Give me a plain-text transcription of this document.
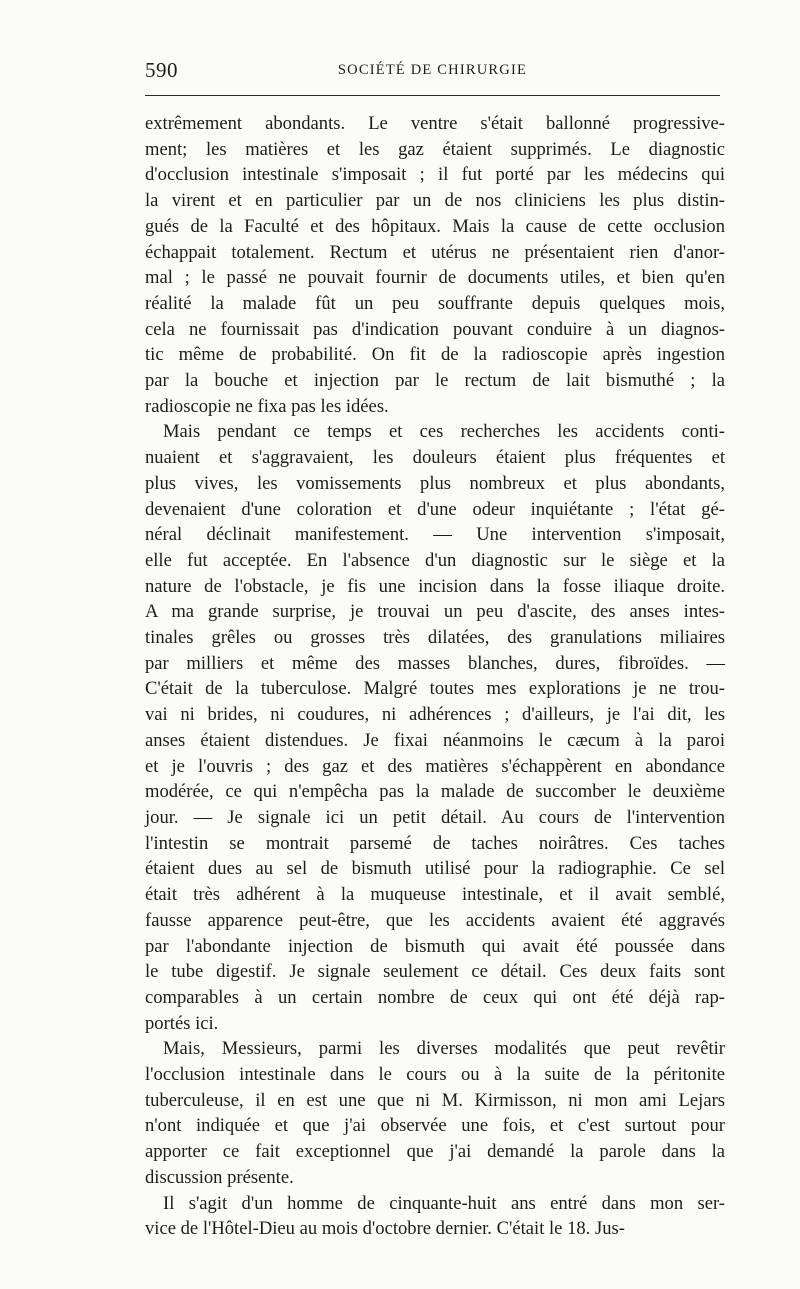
590	SOCIÉTÉ DE CHIRURGIE

extrêmement abondants. Le ventre s'était ballonné progressive-
ment; les matières et les gaz étaient supprimés. Le diagnostic
d'occlusion intestinale s'imposait ; il fut porté par les médecins qui
la virent et en particulier par un de nos cliniciens les plus distin-
gués de la Faculté et des hôpitaux. Mais la cause de cette occlusion
échappait totalement. Rectum et utérus ne présentaient rien d'anor-
mal ; le passé ne pouvait fournir de documents utiles, et bien qu'en
réalité la malade fût un peu souffrante depuis quelques mois,
cela ne fournissait pas d'indication pouvant conduire à un diagnos-
tic même de probabilité. On fit de la radioscopie après ingestion
par la bouche et injection par le rectum de lait bismuthé ; la
radioscopie ne fixa pas les idées.

Mais pendant ce temps et ces recherches les accidents conti-
nuaient et s'aggravaient, les douleurs étaient plus fréquentes et
plus vives, les vomissements plus nombreux et plus abondants,
devenaient d'une coloration et d'une odeur inquiétante ; l'état gé-
néral déclinait manifestement. — Une intervention s'imposait,
elle fut acceptée. En l'absence d'un diagnostic sur le siège et la
nature de l'obstacle, je fis une incision dans la fosse iliaque droite.
A ma grande surprise, je trouvai un peu d'ascite, des anses intes-
tinales grêles ou grosses très dilatées, des granulations miliaires
par milliers et même des masses blanches, dures, fibroïdes. —
C'était de la tuberculose. Malgré toutes mes explorations je ne trou-
vai ni brides, ni coudures, ni adhérences ; d'ailleurs, je l'ai dit, les
anses étaient distendues. Je fixai néanmoins le cæcum à la paroi
et je l'ouvris ; des gaz et des matières s'échappèrent en abondance
modérée, ce qui n'empêcha pas la malade de succomber le deuxième
jour. — Je signale ici un petit détail. Au cours de l'intervention
l'intestin se montrait parsemé de taches noirâtres. Ces taches
étaient dues au sel de bismuth utilisé pour la radiographie. Ce sel
était très adhérent à la muqueuse intestinale, et il avait semblé,
fausse apparence peut-être, que les accidents avaient été aggravés
par l'abondante injection de bismuth qui avait été poussée dans
le tube digestif. Je signale seulement ce détail. Ces deux faits sont
comparables à un certain nombre de ceux qui ont été déjà rap-
portés ici.

Mais, Messieurs, parmi les diverses modalités que peut revêtir
l'occlusion intestinale dans le cours ou à la suite de la péritonite
tuberculeuse, il en est une que ni M. Kirmisson, ni mon ami Lejars
n'ont indiquée et que j'ai observée une fois, et c'est surtout pour
apporter ce fait exceptionnel que j'ai demandé la parole dans la
discussion présente.

Il s'agit d'un homme de cinquante-huit ans entré dans mon ser-
vice de l'Hôtel-Dieu au mois d'octobre dernier. C'était le 18. Jus-
